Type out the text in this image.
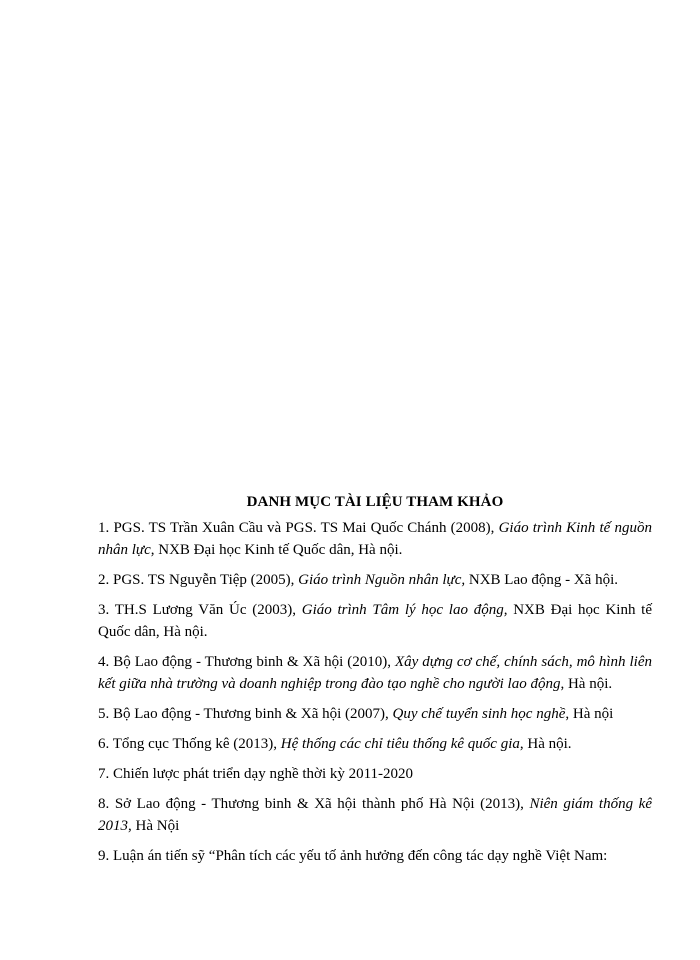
DANH MỤC TÀI LIỆU THAM KHẢO

1. PGS. TS Trần Xuân Cầu và PGS. TS Mai Quốc Chánh (2008), Giáo trình Kinh tế nguồn nhân lực, NXB Đại học Kinh tế Quốc dân, Hà nội.

2. PGS. TS Nguyễn Tiệp (2005), Giáo trình Nguồn nhân lực, NXB Lao động - Xã hội.

3. TH.S Lương Văn Úc (2003), Giáo trình Tâm lý học lao động, NXB Đại học Kinh tế Quốc dân, Hà nội.

4. Bộ Lao động - Thương binh & Xã hội (2010), Xây dựng cơ chế, chính sách, mô hình liên kết giữa nhà trường và doanh nghiệp trong đào tạo nghề cho người lao động, Hà nội.

5. Bộ Lao động - Thương binh & Xã hội (2007), Quy chế tuyển sinh học nghề, Hà nội

6. Tổng cục Thống kê (2013), Hệ thống các chỉ tiêu thống kê quốc gia, Hà nội.

7. Chiến lược phát triển dạy nghề thời kỳ 2011-2020

8. Sở Lao động - Thương binh & Xã hội thành phố Hà Nội (2013), Niên giám thống kê 2013, Hà Nội

9. Luận án tiến sỹ “Phân tích các yếu tố ảnh hưởng đến công tác dạy nghề Việt Nam:
